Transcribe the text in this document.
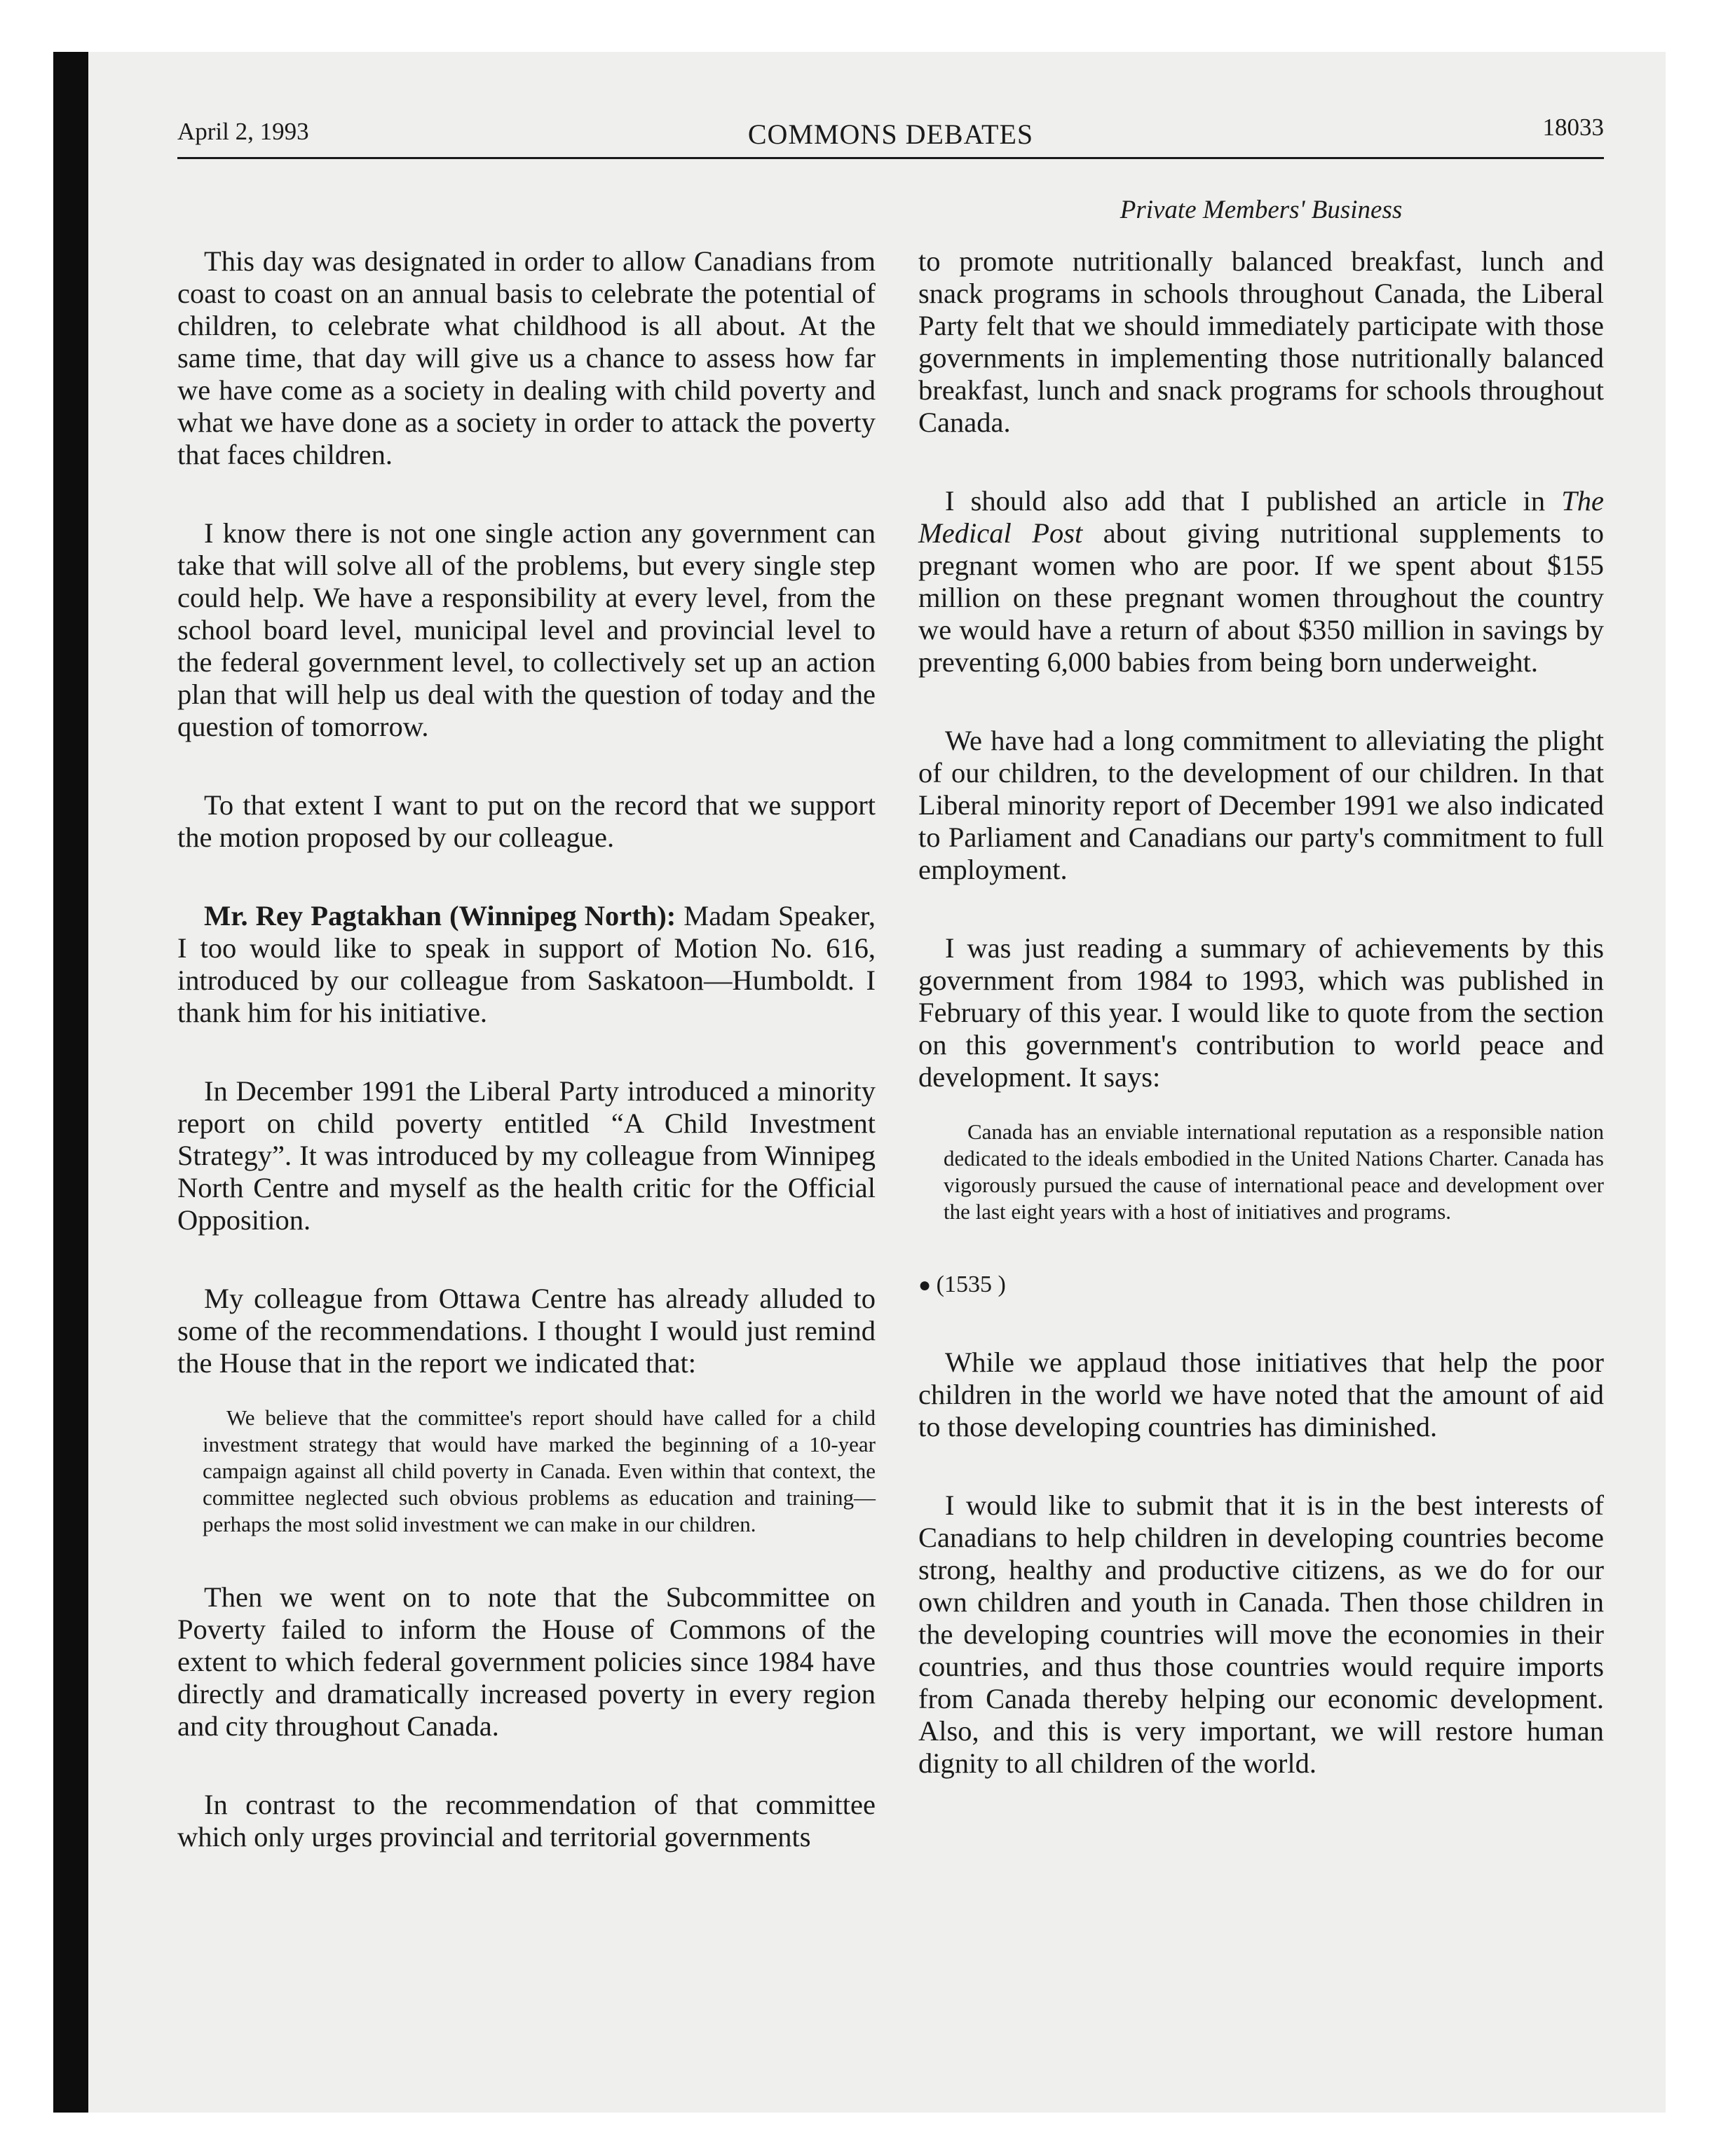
April 2, 1993	COMMONS DEBATES	18033
Private Members' Business

This day was designated in order to allow Canadians from coast to coast on an annual basis to celebrate the potential of children, to celebrate what childhood is all about. At the same time, that day will give us a chance to assess how far we have come as a society in dealing with child poverty and what we have done as a society in order to attack the poverty that faces children.

I know there is not one single action any government can take that will solve all of the problems, but every single step could help. We have a responsibility at every level, from the school board level, municipal level and provincial level to the federal government level, to collectively set up an action plan that will help us deal with the question of today and the question of tomorrow.

To that extent I want to put on the record that we support the motion proposed by our colleague.

Mr. Rey Pagtakhan (Winnipeg North): Madam Speaker, I too would like to speak in support of Motion No. 616, introduced by our colleague from Saskatoon—Humboldt. I thank him for his initiative.

In December 1991 the Liberal Party introduced a minority report on child poverty entitled “A Child Investment Strategy”. It was introduced by my colleague from Winnipeg North Centre and myself as the health critic for the Official Opposition.

My colleague from Ottawa Centre has already alluded to some of the recommendations. I thought I would just remind the House that in the report we indicated that:

We believe that the committee's report should have called for a child investment strategy that would have marked the beginning of a 10-year campaign against all child poverty in Canada. Even within that context, the committee neglected such obvious problems as education and training—perhaps the most solid investment we can make in our children.

Then we went on to note that the Subcommittee on Poverty failed to inform the House of Commons of the extent to which federal government policies since 1984 have directly and dramatically increased poverty in every region and city throughout Canada.

In contrast to the recommendation of that committee which only urges provincial and territorial governments

to promote nutritionally balanced breakfast, lunch and snack programs in schools throughout Canada, the Liberal Party felt that we should immediately participate with those governments in implementing those nutritionally balanced breakfast, lunch and snack programs for schools throughout Canada.

I should also add that I published an article in The Medical Post about giving nutritional supplements to pregnant women who are poor. If we spent about $155 million on these pregnant women throughout the country we would have a return of about $350 million in savings by preventing 6,000 babies from being born underweight.

We have had a long commitment to alleviating the plight of our children, to the development of our children. In that Liberal minority report of December 1991 we also indicated to Parliament and Canadians our party's commitment to full employment.

I was just reading a summary of achievements by this government from 1984 to 1993, which was published in February of this year. I would like to quote from the section on this government's contribution to world peace and development. It says:

Canada has an enviable international reputation as a responsible nation dedicated to the ideals embodied in the United Nations Charter. Canada has vigorously pursued the cause of international peace and development over the last eight years with a host of initiatives and programs.

● (1535 )

While we applaud those initiatives that help the poor children in the world we have noted that the amount of aid to those developing countries has diminished.

I would like to submit that it is in the best interests of Canadians to help children in developing countries become strong, healthy and productive citizens, as we do for our own children and youth in Canada. Then those children in the developing countries will move the economies in their countries, and thus those countries would require imports from Canada thereby helping our economic development. Also, and this is very important, we will restore human dignity to all children of the world.
